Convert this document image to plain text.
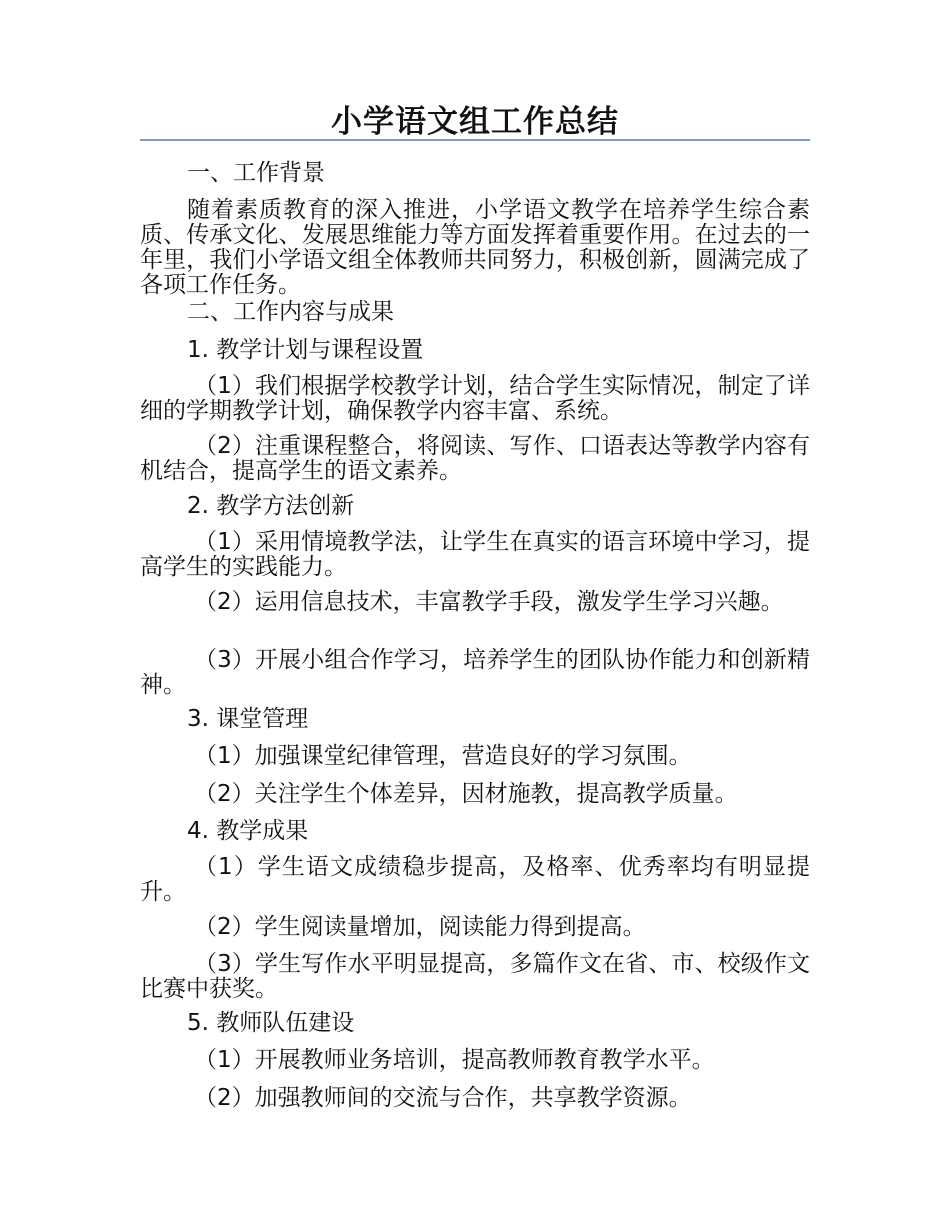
小学语文组工作总结
一、工作背景
随着素质教育的深入推进，小学语文教学在培养学生综合素质、传承文化、发展思维能力等方面发挥着重要作用。在过去的一年里，我们小学语文组全体教师共同努力，积极创新，圆满完成了各项工作任务。
二、工作内容与成果
1. 教学计划与课程设置
（1）我们根据学校教学计划，结合学生实际情况，制定了详细的学期教学计划，确保教学内容丰富、系统。
（2）注重课程整合，将阅读、写作、口语表达等教学内容有机结合，提高学生的语文素养。
2. 教学方法创新
（1）采用情境教学法，让学生在真实的语言环境中学习，提高学生的实践能力。
（2）运用信息技术，丰富教学手段，激发学生学习兴趣。
（3）开展小组合作学习，培养学生的团队协作能力和创新精神。
3. 课堂管理
（1）加强课堂纪律管理，营造良好的学习氛围。
（2）关注学生个体差异，因材施教，提高教学质量。
4. 教学成果
（1）学生语文成绩稳步提高，及格率、优秀率均有明显提升。
（2）学生阅读量增加，阅读能力得到提高。
（3）学生写作水平明显提高，多篇作文在省、市、校级作文比赛中获奖。
5. 教师队伍建设
（1）开展教师业务培训，提高教师教育教学水平。
（2）加强教师间的交流与合作，共享教学资源。
